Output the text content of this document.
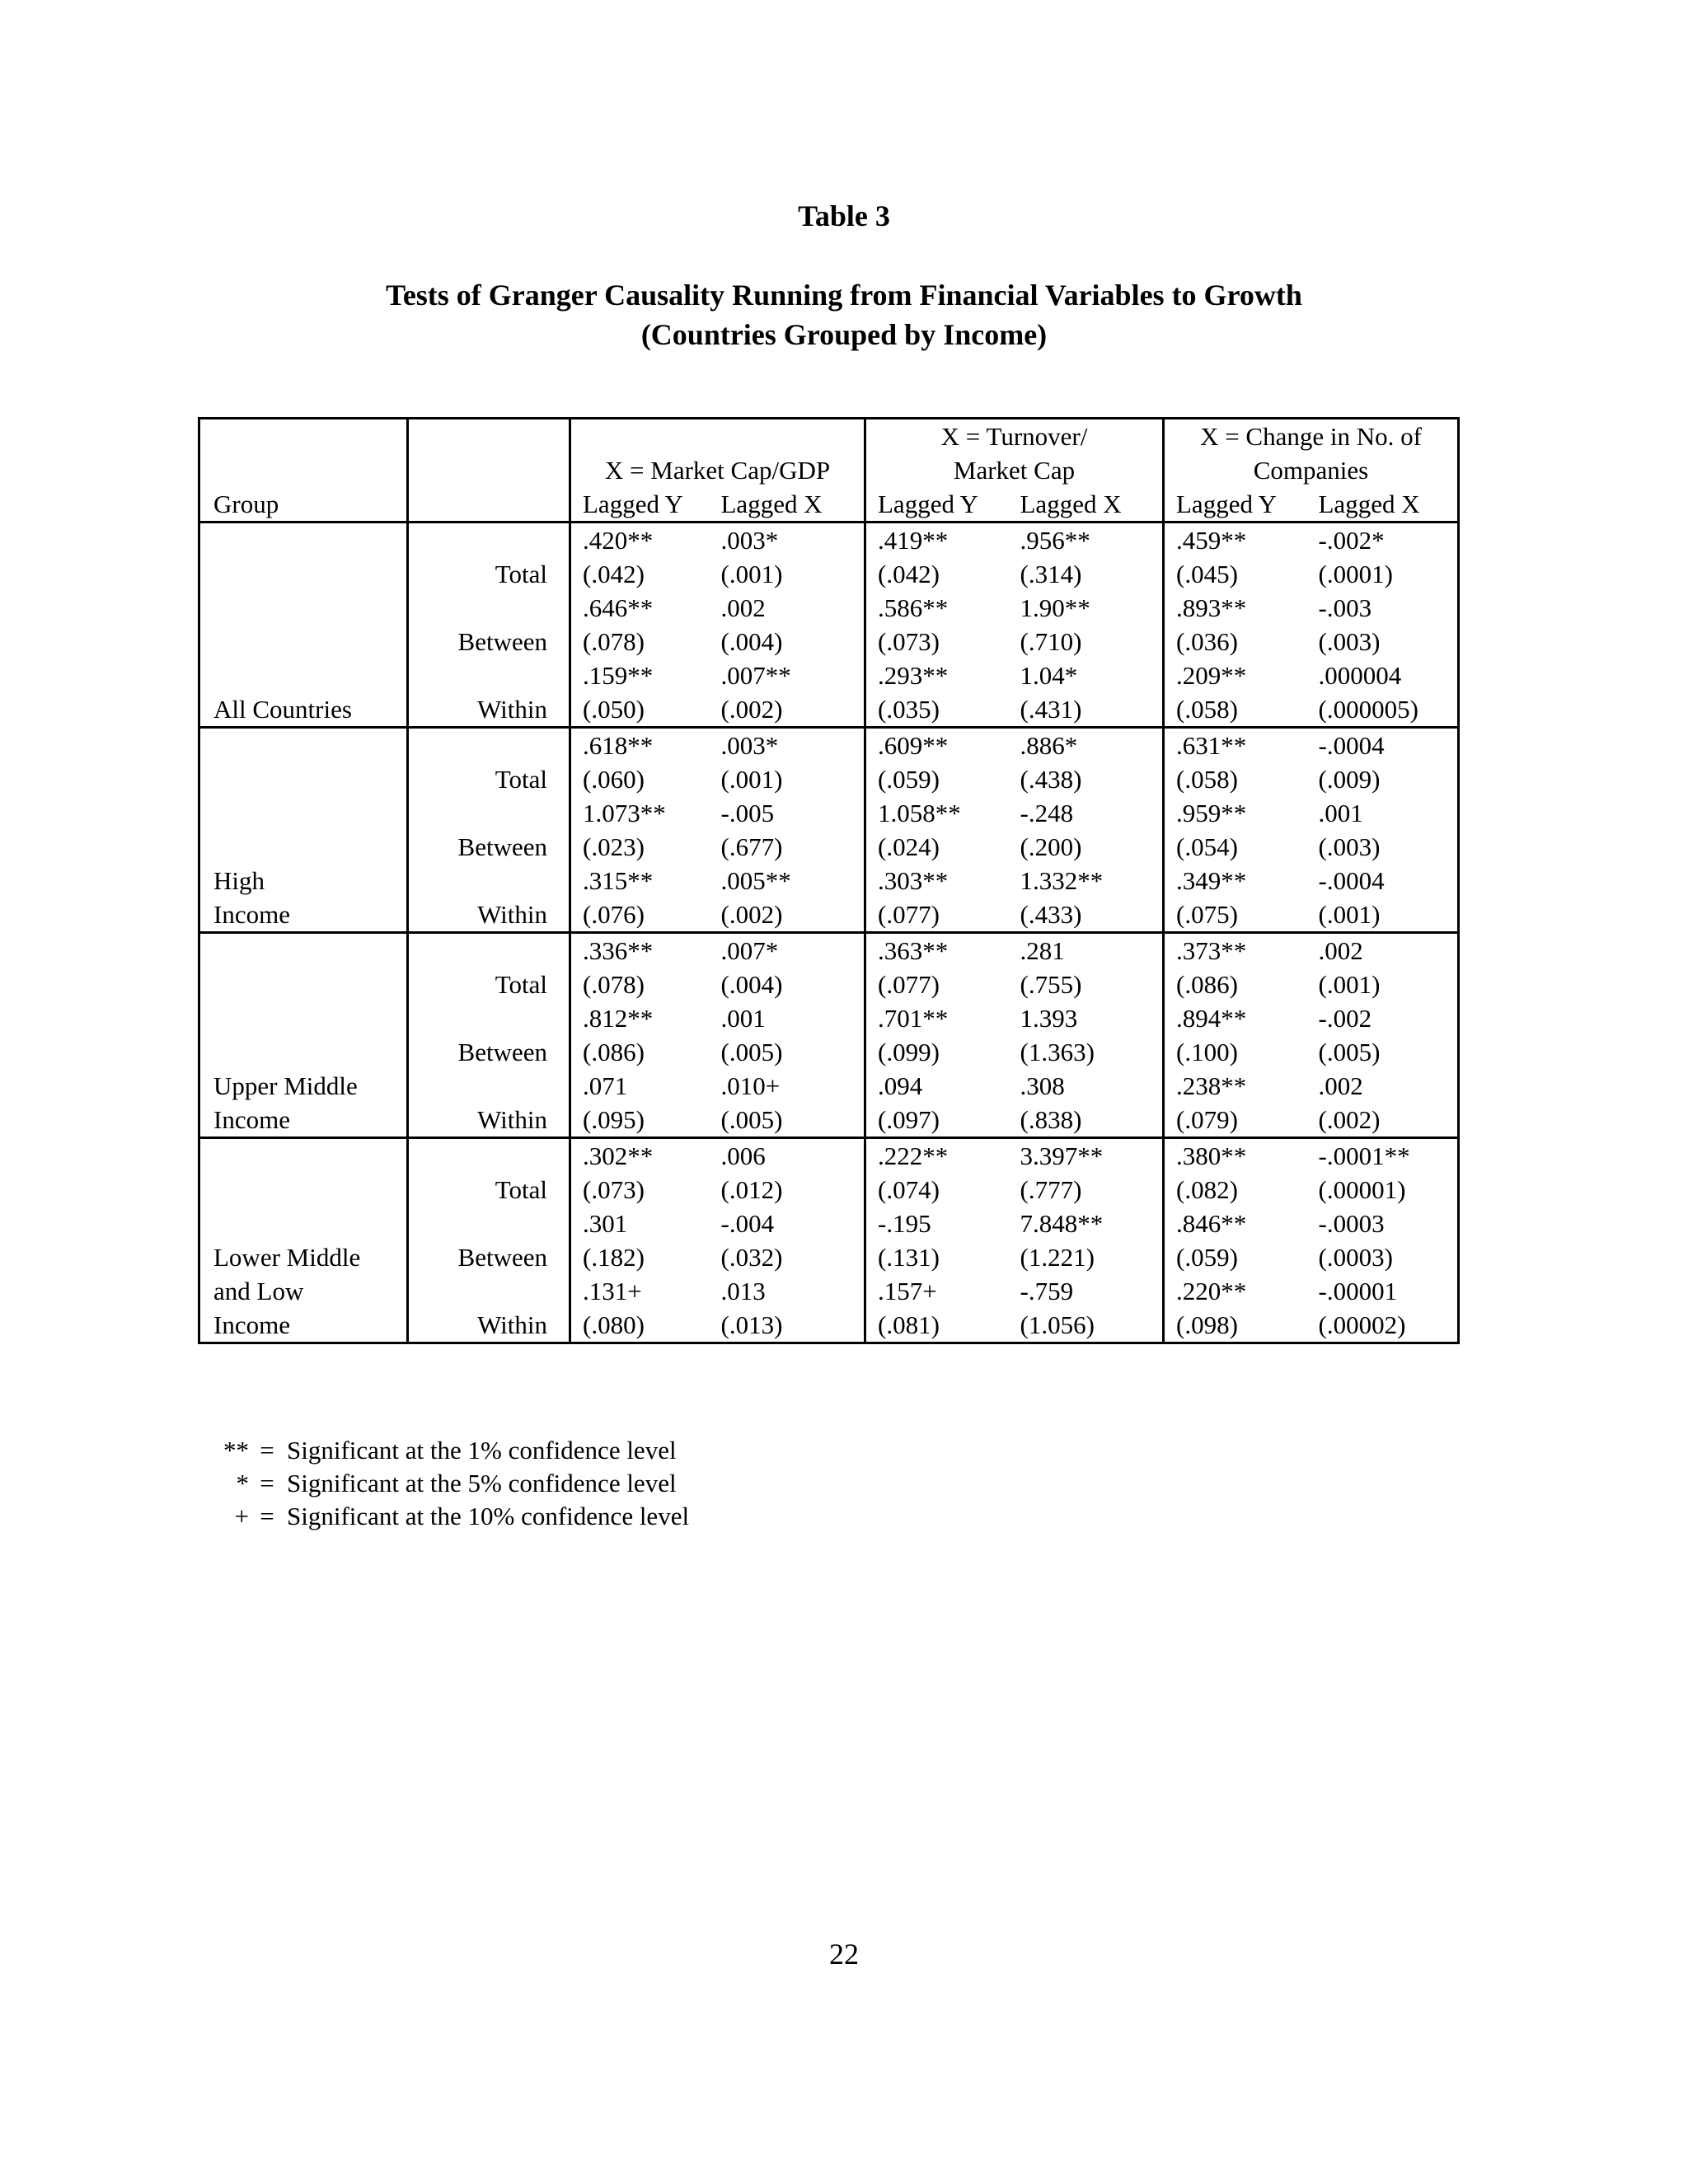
Table 3
Tests of Granger Causality Running from Financial Variables to Growth
(Countries Grouped by Income)
				X = Turnover/		X = Change in No. of	
		X = Market Cap/GDP		Market Cap		Companies	
Group		Lagged Y	Lagged X	Lagged Y	Lagged X	Lagged Y	Lagged X
		.420**	.003*	.419**	.956**	.459**	-.002*
	Total	(.042)	(.001)	(.042)	(.314)	(.045)	(.0001)
		.646**	.002	.586**	1.90**	.893**	-.003
	Between	(.078)	(.004)	(.073)	(.710)	(.036)	(.003)
		.159**	.007**	.293**	1.04*	.209**	.000004
All Countries	Within	(.050)	(.002)	(.035)	(.431)	(.058)	(.000005)
		.618**	.003*	.609**	.886*	.631**	-.0004
	Total	(.060)	(.001)	(.059)	(.438)	(.058)	(.009)
		1.073**	-.005	1.058**	-.248	.959**	.001
	Between	(.023)	(.677)	(.024)	(.200)	(.054)	(.003)
High		.315**	.005**	.303**	1.332**	.349**	-.0004
Income	Within	(.076)	(.002)	(.077)	(.433)	(.075)	(.001)
		.336**	.007*	.363**	.281	.373**	.002
	Total	(.078)	(.004)	(.077)	(.755)	(.086)	(.001)
		.812**	.001	.701**	1.393	.894**	-.002
	Between	(.086)	(.005)	(.099)	(1.363)	(.100)	(.005)
Upper Middle		.071	.010+	.094	.308	.238**	.002
Income	Within	(.095)	(.005)	(.097)	(.838)	(.079)	(.002)
		.302**	.006	.222**	3.397**	.380**	-.0001**
	Total	(.073)	(.012)	(.074)	(.777)	(.082)	(.00001)
		.301	-.004	-.195	7.848**	.846**	-.0003
Lower Middle	Between	(.182)	(.032)	(.131)	(1.221)	(.059)	(.0003)
and Low		.131+	.013	.157+	-.759	.220**	-.00001
Income	Within	(.080)	(.013)	(.081)	(1.056)	(.098)	(.00002)
** = Significant at the 1% confidence level
* = Significant at the 5% confidence level
+ = Significant at the 10% confidence level
22
